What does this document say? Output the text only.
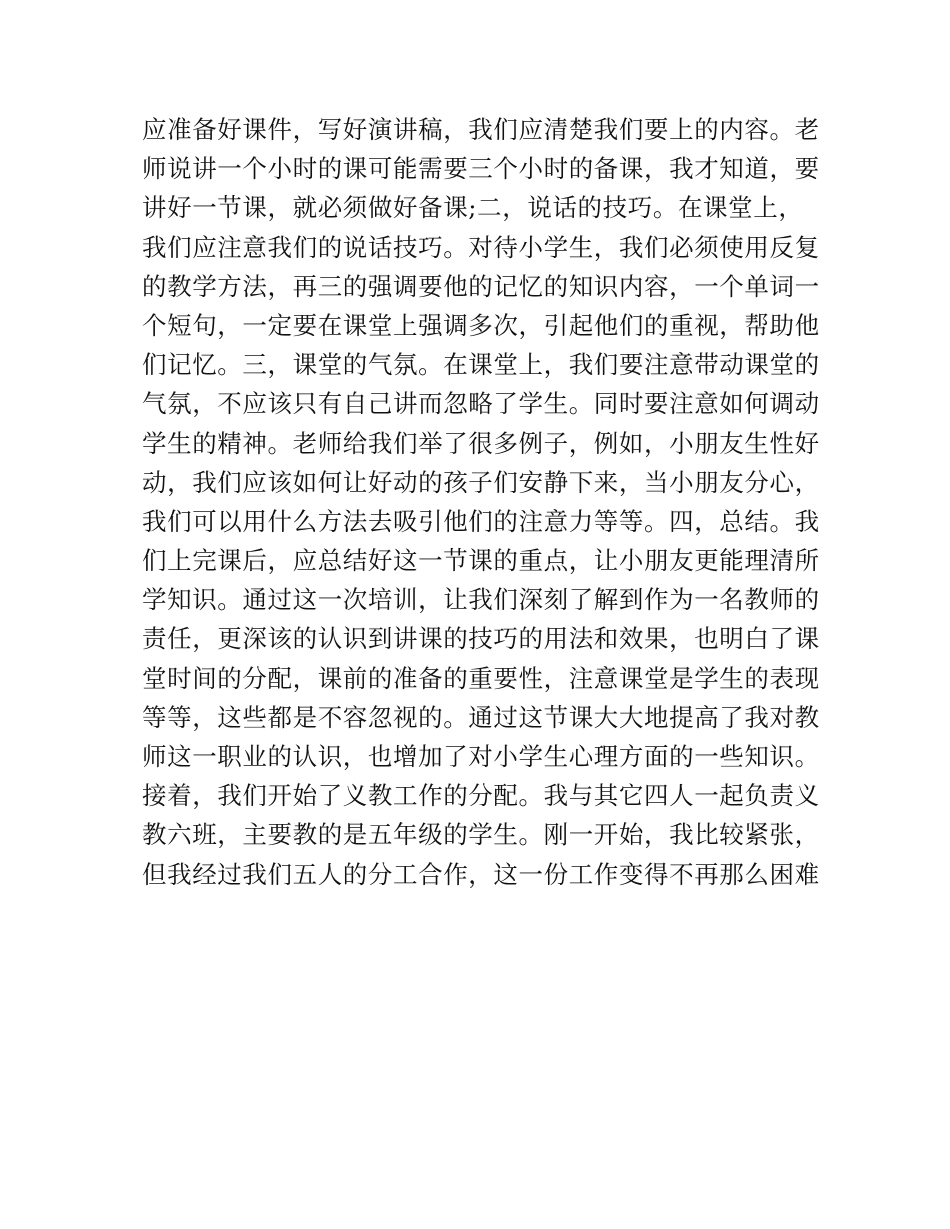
应准备好课件，写好演讲稿，我们应清楚我们要上的内容。老
师说讲一个小时的课可能需要三个小时的备课，我才知道，要
讲好一节课，就必须做好备课;二，说话的技巧。在课堂上，
我们应注意我们的说话技巧。对待小学生，我们必须使用反复
的教学方法，再三的强调要他的记忆的知识内容，一个单词一
个短句，一定要在课堂上强调多次，引起他们的重视，帮助他
们记忆。三，课堂的气氛。在课堂上，我们要注意带动课堂的
气氛，不应该只有自己讲而忽略了学生。同时要注意如何调动
学生的精神。老师给我们举了很多例子，例如，小朋友生性好
动，我们应该如何让好动的孩子们安静下来，当小朋友分心，
我们可以用什么方法去吸引他们的注意力等等。四，总结。我
们上完课后，应总结好这一节课的重点，让小朋友更能理清所
学知识。通过这一次培训，让我们深刻了解到作为一名教师的
责任，更深该的认识到讲课的技巧的用法和效果，也明白了课
堂时间的分配，课前的准备的重要性，注意课堂是学生的表现
等等，这些都是不容忽视的。通过这节课大大地提高了我对教
师这一职业的认识，也增加了对小学生心理方面的一些知识。
接着，我们开始了义教工作的分配。我与其它四人一起负责义
教六班，主要教的是五年级的学生。刚一开始，我比较紧张，
但我经过我们五人的分工合作，这一份工作变得不再那么困难
